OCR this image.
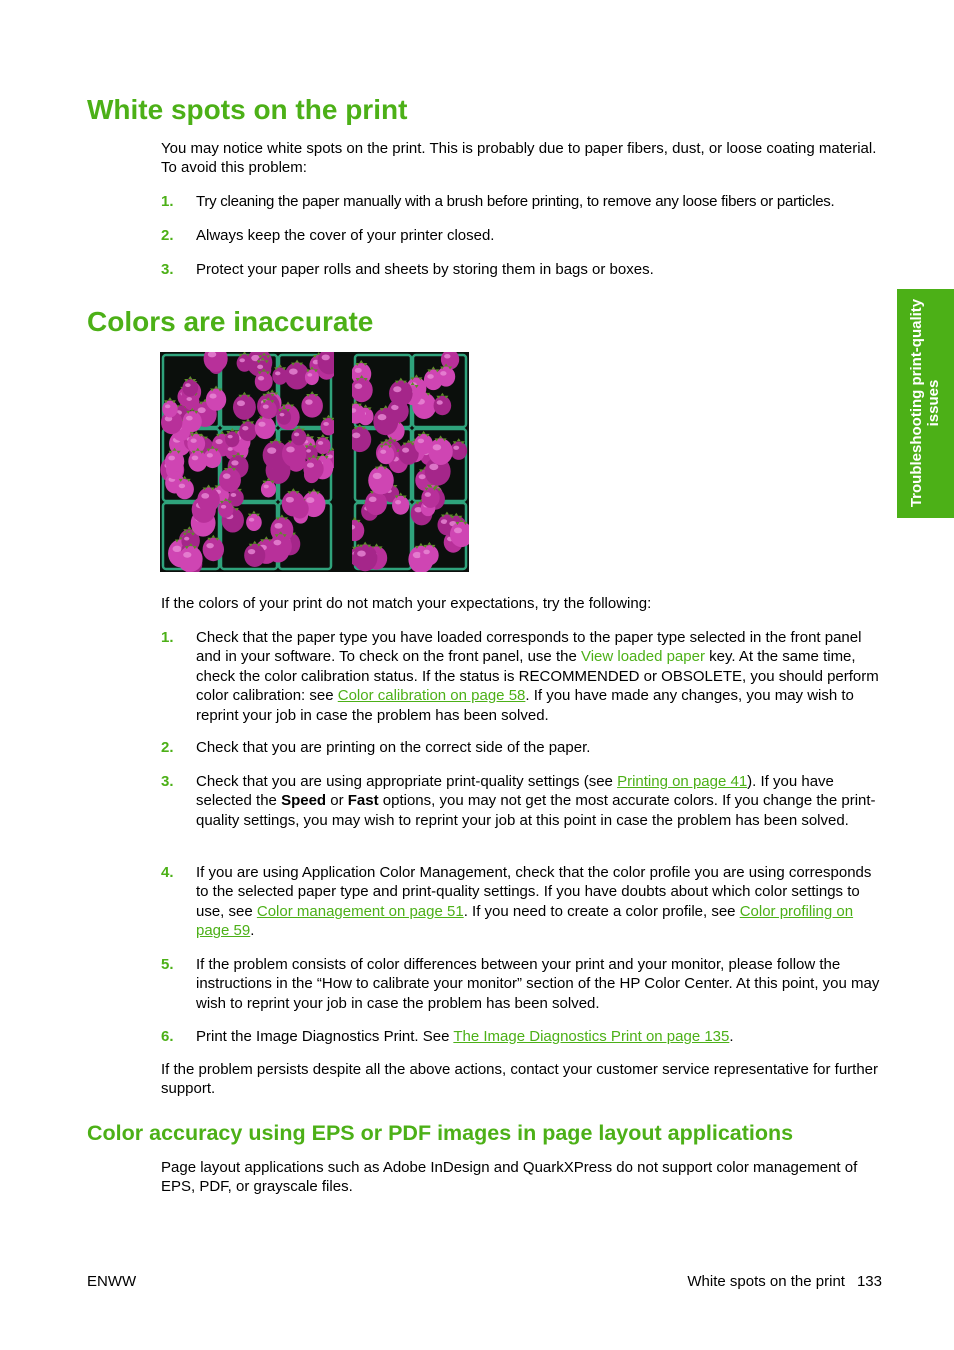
White spots on the print

You may notice white spots on the print. This is probably due to paper fibers, dust, or loose coating material. To avoid this problem:

1.	Try cleaning the paper manually with a brush before printing, to remove any loose fibers or particles.
2.	Always keep the cover of your printer closed.
3.	Protect your paper rolls and sheets by storing them in bags or boxes.
Colors are inaccurate

If the colors of your print do not match your expectations, try the following:

1.	Check that the paper type you have loaded corresponds to the paper type selected in the front panel and in your software. To check on the front panel, use the View loaded paper key. At the same time, check the color calibration status. If the status is RECOMMENDED or OBSOLETE, you should perform color calibration: see Color calibration on page 58. If you have made any changes, you may wish to reprint your job in case the problem has been solved.
2.	Check that you are printing on the correct side of the paper.
3.	Check that you are using appropriate print-quality settings (see Printing on page 41). If you have selected the Speed or Fast options, you may not get the most accurate colors. If you change the print-quality settings, you may wish to reprint your job at this point in case the problem has been solved.
4.	If you are using Application Color Management, check that the color profile you are using corresponds to the selected paper type and print-quality settings. If you have doubts about which color settings to use, see Color management on page 51. If you need to create a color profile, see Color profiling on page 59.
5.	If the problem consists of color differences between your print and your monitor, please follow the instructions in the “How to calibrate your monitor” section of the HP Color Center. At this point, you may wish to reprint your job in case the problem has been solved.
6.	Print the Image Diagnostics Print. See The Image Diagnostics Print on page 135.

If the problem persists despite all the above actions, contact your customer service representative for further support.

Color accuracy using EPS or PDF images in page layout applications

Page layout applications such as Adobe InDesign and QuarkXPress do not support color management of EPS, PDF, or grayscale files.

Troubleshooting print-quality issues
ENWW	White spots on the print 133
